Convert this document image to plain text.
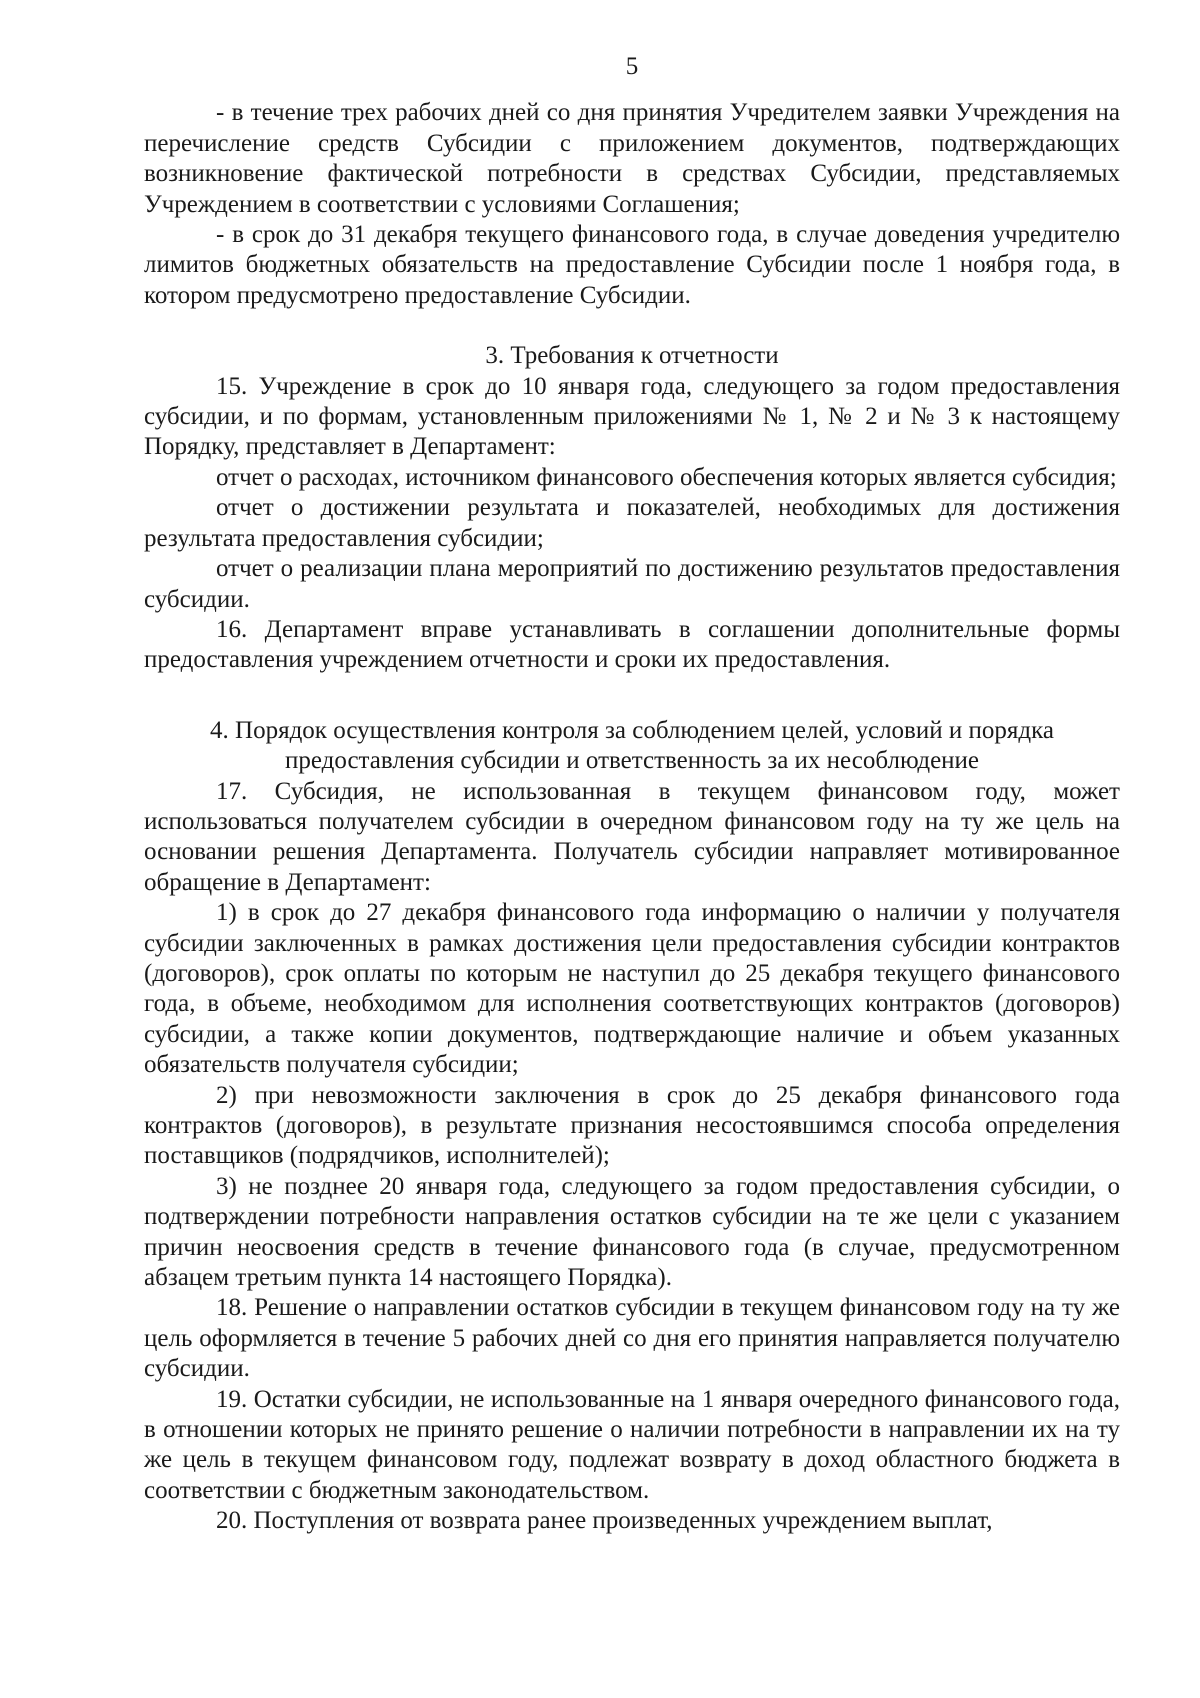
5

- в течение трех рабочих дней со дня принятия Учредителем заявки Учреждения на перечисление средств Субсидии с приложением документов, подтверждающих возникновение фактической потребности в средствах Субсидии, представляемых Учреждением в соответствии с условиями Соглашения;

- в срок до 31 декабря текущего финансового года, в случае доведения учредителю лимитов бюджетных обязательств на предоставление Субсидии после 1 ноября года, в котором предусмотрено предоставление Субсидии.

3. Требования к отчетности

15. Учреждение в срок до 10 января года, следующего за годом предоставления субсидии, и по формам, установленным приложениями № 1, № 2 и № 3 к настоящему Порядку, представляет в Департамент:

отчет о расходах, источником финансового обеспечения которых является субсидия;

отчет о достижении результата и показателей, необходимых для достижения результата предоставления субсидии;

отчет о реализации плана мероприятий по достижению результатов предоставления субсидии.

16. Департамент вправе устанавливать в соглашении дополнительные формы предоставления учреждением отчетности и сроки их предоставления.

4. Порядок осуществления контроля за соблюдением целей, условий и порядка
предоставления субсидии и ответственность за их несоблюдение

17. Субсидия, не использованная в текущем финансовом году, может использоваться получателем субсидии в очередном финансовом году на ту же цель на основании решения Департамента. Получатель субсидии направляет мотивированное обращение в Департамент:

1) в срок до 27 декабря финансового года информацию о наличии у получателя субсидии заключенных в рамках достижения цели предоставления субсидии контрактов (договоров), срок оплаты по которым не наступил до 25 декабря текущего финансового года, в объеме, необходимом для исполнения соответствующих контрактов (договоров) субсидии, а также копии документов, подтверждающие наличие и объем указанных обязательств получателя субсидии;

2) при невозможности заключения в срок до 25 декабря финансового года контрактов (договоров), в результате признания несостоявшимся способа определения поставщиков (подрядчиков, исполнителей);

3) не позднее 20 января года, следующего за годом предоставления субсидии, о подтверждении потребности направления остатков субсидии на те же цели с указанием причин неосвоения средств в течение финансового года (в случае, предусмотренном абзацем третьим пункта 14 настоящего Порядка).

18. Решение о направлении остатков субсидии в текущем финансовом году на ту же цель оформляется в течение 5 рабочих дней со дня его принятия направляется получателю субсидии.

19. Остатки субсидии, не использованные на 1 января очередного финансового года, в отношении которых не принято решение о наличии потребности в направлении их на ту же цель в текущем финансовом году, подлежат возврату в доход областного бюджета в соответствии с бюджетным законодательством.

20. Поступления от возврата ранее произведенных учреждением выплат,
